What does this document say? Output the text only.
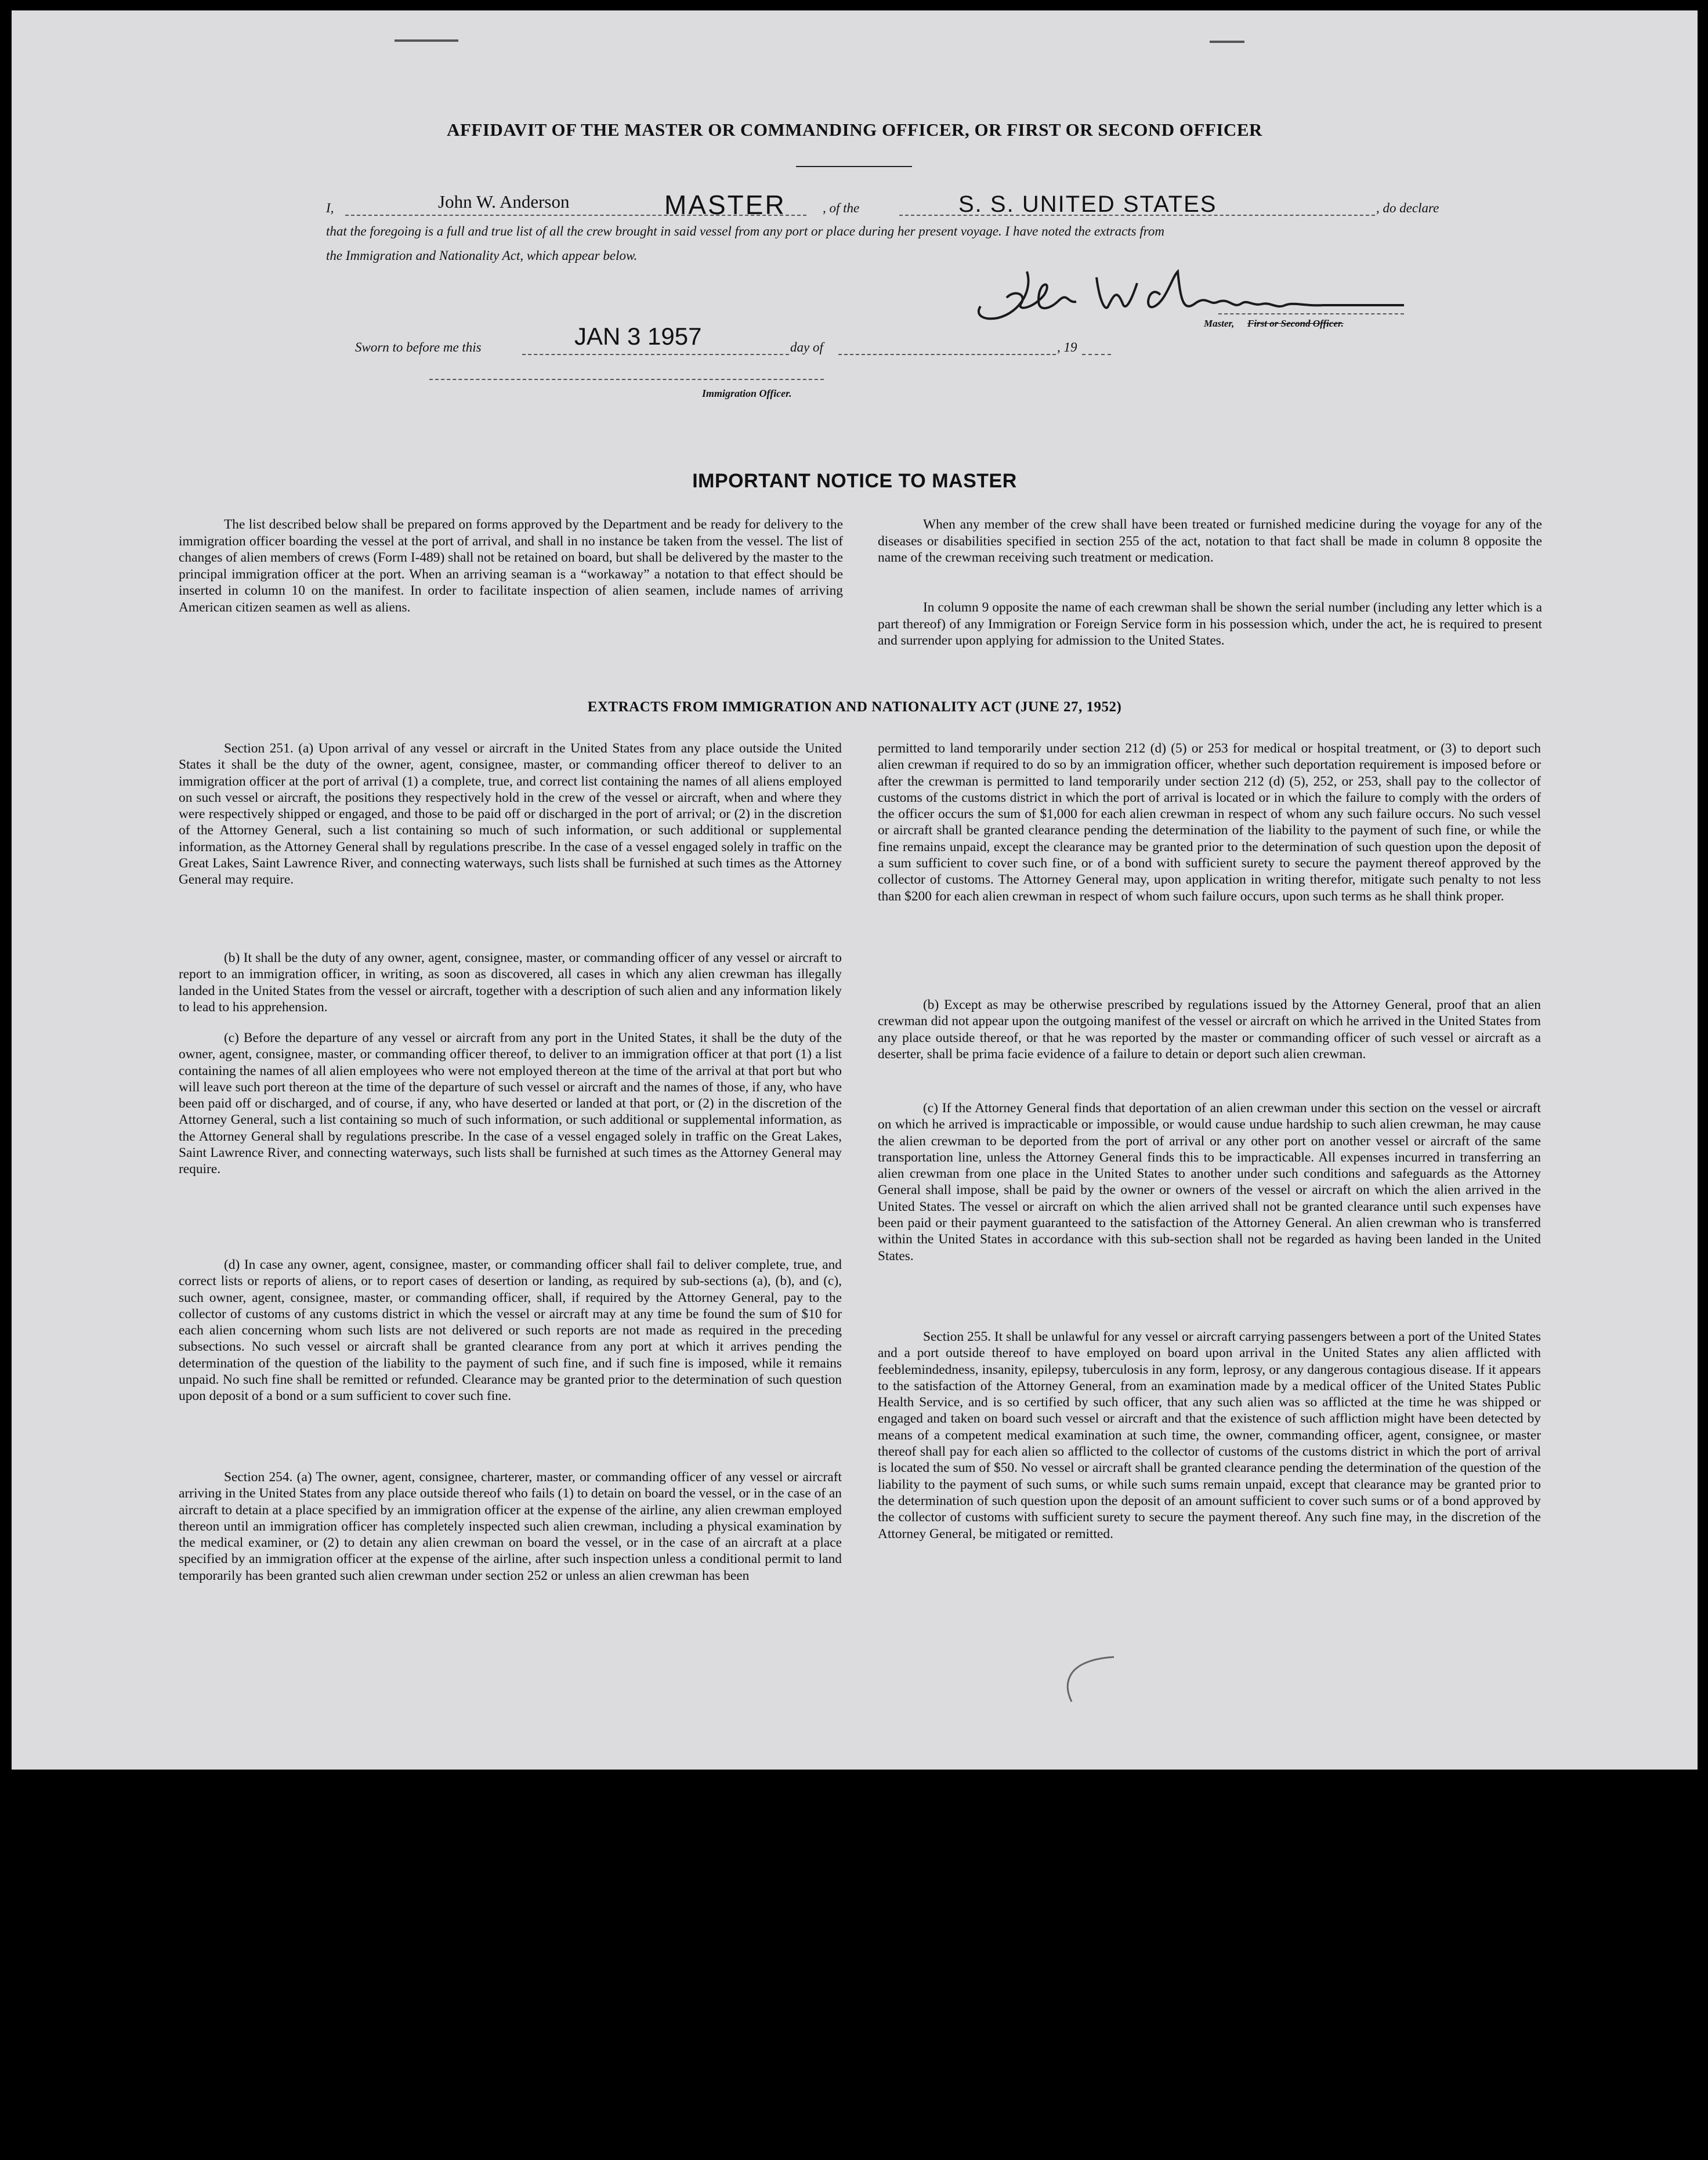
AFFIDAVIT OF THE MASTER OR COMMANDING OFFICER, OR FIRST OR SECOND OFFICER
I,	John W. Anderson	MASTER	, of the	S. S. UNITED STATES	, do declare
that the foregoing is a full and true list of all the crew brought in said vessel from any port or place during her present voyage. I have noted the extracts from
the Immigration and Nationality Act, which appear below.	John W. Anderson
Master, First or Second Officer.
Sworn to before me this	JAN 3 1957	day of	, 19
Immigration Officer.
IMPORTANT NOTICE TO MASTER

The list described below shall be prepared on forms approved by the Department and be ready for delivery to the immigration officer boarding the vessel at the port of arrival, and shall in no instance be taken from the vessel. The list of changes of alien members of crews (Form I-489) shall not be retained on board, but shall be delivered by the master to the principal immigration officer at the port. When an arriving seaman is a “workaway” a notation to that effect should be inserted in column 10 on the manifest. In order to facilitate inspection of alien seamen, include names of arriving American citizen seamen as well as aliens.

When any member of the crew shall have been treated or furnished medicine during the voyage for any of the diseases or disabilities specified in section 255 of the act, notation to that fact shall be made in column 8 opposite the name of the crewman receiving such treatment or medication.

In column 9 opposite the name of each crewman shall be shown the serial number (including any letter which is a part thereof) of any Immigration or Foreign Service form in his possession which, under the act, he is required to present and surrender upon applying for admission to the United States.

EXTRACTS FROM IMMIGRATION AND NATIONALITY ACT (JUNE 27, 1952)

Section 251. (a) Upon arrival of any vessel or aircraft in the United States from any place outside the United States it shall be the duty of the owner, agent, consignee, master, or commanding officer thereof to deliver to an immigration officer at the port of arrival (1) a complete, true, and correct list containing the names of all aliens employed on such vessel or aircraft, the positions they respectively hold in the crew of the vessel or aircraft, when and where they were respectively shipped or engaged, and those to be paid off or discharged in the port of arrival; or (2) in the discretion of the Attorney General, such a list containing so much of such information, or such additional or supplemental information, as the Attorney General shall by regulations prescribe. In the case of a vessel engaged solely in traffic on the Great Lakes, Saint Lawrence River, and connecting waterways, such lists shall be furnished at such times as the Attorney General may require.

(b) It shall be the duty of any owner, agent, consignee, master, or commanding officer of any vessel or aircraft to report to an immigration officer, in writing, as soon as discovered, all cases in which any alien crewman has illegally landed in the United States from the vessel or aircraft, together with a description of such alien and any information likely to lead to his apprehension.

(c) Before the departure of any vessel or aircraft from any port in the United States, it shall be the duty of the owner, agent, consignee, master, or commanding officer thereof, to deliver to an immigration officer at that port (1) a list containing the names of all alien employees who were not employed thereon at the time of the arrival at that port but who will leave such port thereon at the time of the departure of such vessel or aircraft and the names of those, if any, who have been paid off or discharged, and of course, if any, who have deserted or landed at that port, or (2) in the discretion of the Attorney General, such a list containing so much of such information, or such additional or supplemental information, as the Attorney General shall by regulations prescribe. In the case of a vessel engaged solely in traffic on the Great Lakes, Saint Lawrence River, and connecting waterways, such lists shall be furnished at such times as the Attorney General may require.

(d) In case any owner, agent, consignee, master, or commanding officer shall fail to deliver complete, true, and correct lists or reports of aliens, or to report cases of desertion or landing, as required by sub-sections (a), (b), and (c), such owner, agent, consignee, master, or commanding officer, shall, if required by the Attorney General, pay to the collector of customs of any customs district in which the vessel or aircraft may at any time be found the sum of $10 for each alien concerning whom such lists are not delivered or such reports are not made as required in the preceding subsections. No such vessel or aircraft shall be granted clearance from any port at which it arrives pending the determination of the question of the liability to the payment of such fine, and if such fine is imposed, while it remains unpaid. No such fine shall be remitted or refunded. Clearance may be granted prior to the determination of such question upon deposit of a bond or a sum sufficient to cover such fine.

Section 254. (a) The owner, agent, consignee, charterer, master, or commanding officer of any vessel or aircraft arriving in the United States from any place outside thereof who fails (1) to detain on board the vessel, or in the case of an aircraft to detain at a place specified by an immigration officer at the expense of the airline, any alien crewman employed thereon until an immigration officer has completely inspected such alien crewman, including a physical examination by the medical examiner, or (2) to detain any alien crewman on board the vessel, or in the case of an aircraft at a place specified by an immigration officer at the expense of the airline, after such inspection unless a conditional permit to land temporarily has been granted such alien crewman under section 252 or unless an alien crewman has been

permitted to land temporarily under section 212 (d) (5) or 253 for medical or hospital treatment, or (3) to deport such alien crewman if required to do so by an immigration officer, whether such deportation requirement is imposed before or after the crewman is permitted to land temporarily under section 212 (d) (5), 252, or 253, shall pay to the collector of customs of the customs district in which the port of arrival is located or in which the failure to comply with the orders of the officer occurs the sum of $1,000 for each alien crewman in respect of whom any such failure occurs. No such vessel or aircraft shall be granted clearance pending the determination of the liability to the payment of such fine, or while the fine remains unpaid, except the clearance may be granted prior to the determination of such question upon the deposit of a sum sufficient to cover such fine, or of a bond with sufficient surety to secure the payment thereof approved by the collector of customs. The Attorney General may, upon application in writing therefor, mitigate such penalty to not less than $200 for each alien crewman in respect of whom such failure occurs, upon such terms as he shall think proper.

(b) Except as may be otherwise prescribed by regulations issued by the Attorney General, proof that an alien crewman did not appear upon the outgoing manifest of the vessel or aircraft on which he arrived in the United States from any place outside thereof, or that he was reported by the master or commanding officer of such vessel or aircraft as a deserter, shall be prima facie evidence of a failure to detain or deport such alien crewman.

(c) If the Attorney General finds that deportation of an alien crewman under this section on the vessel or aircraft on which he arrived is impracticable or impossible, or would cause undue hardship to such alien crewman, he may cause the alien crewman to be deported from the port of arrival or any other port on another vessel or aircraft of the same transportation line, unless the Attorney General finds this to be impracticable. All expenses incurred in transferring an alien crewman from one place in the United States to another under such conditions and safeguards as the Attorney General shall impose, shall be paid by the owner or owners of the vessel or aircraft on which the alien arrived in the United States. The vessel or aircraft on which the alien arrived shall not be granted clearance until such expenses have been paid or their payment guaranteed to the satisfaction of the Attorney General. An alien crewman who is transferred within the United States in accordance with this sub-section shall not be regarded as having been landed in the United States.

Section 255. It shall be unlawful for any vessel or aircraft carrying passengers between a port of the United States and a port outside thereof to have employed on board upon arrival in the United States any alien afflicted with feeblemindedness, insanity, epilepsy, tuberculosis in any form, leprosy, or any dangerous contagious disease. If it appears to the satisfaction of the Attorney General, from an examination made by a medical officer of the United States Public Health Service, and is so certified by such officer, that any such alien was so afflicted at the time he was shipped or engaged and taken on board such vessel or aircraft and that the existence of such affliction might have been detected by means of a competent medical examination at such time, the owner, commanding officer, agent, consignee, or master thereof shall pay for each alien so afflicted to the collector of customs of the customs district in which the port of arrival is located the sum of $50. No vessel or aircraft shall be granted clearance pending the determination of the question of the liability to the payment of such sums, or while such sums remain unpaid, except that clearance may be granted prior to the determination of such question upon the deposit of an amount sufficient to cover such sums or of a bond approved by the collector of customs with sufficient surety to secure the payment thereof. Any such fine may, in the discretion of the Attorney General, be mitigated or remitted.
